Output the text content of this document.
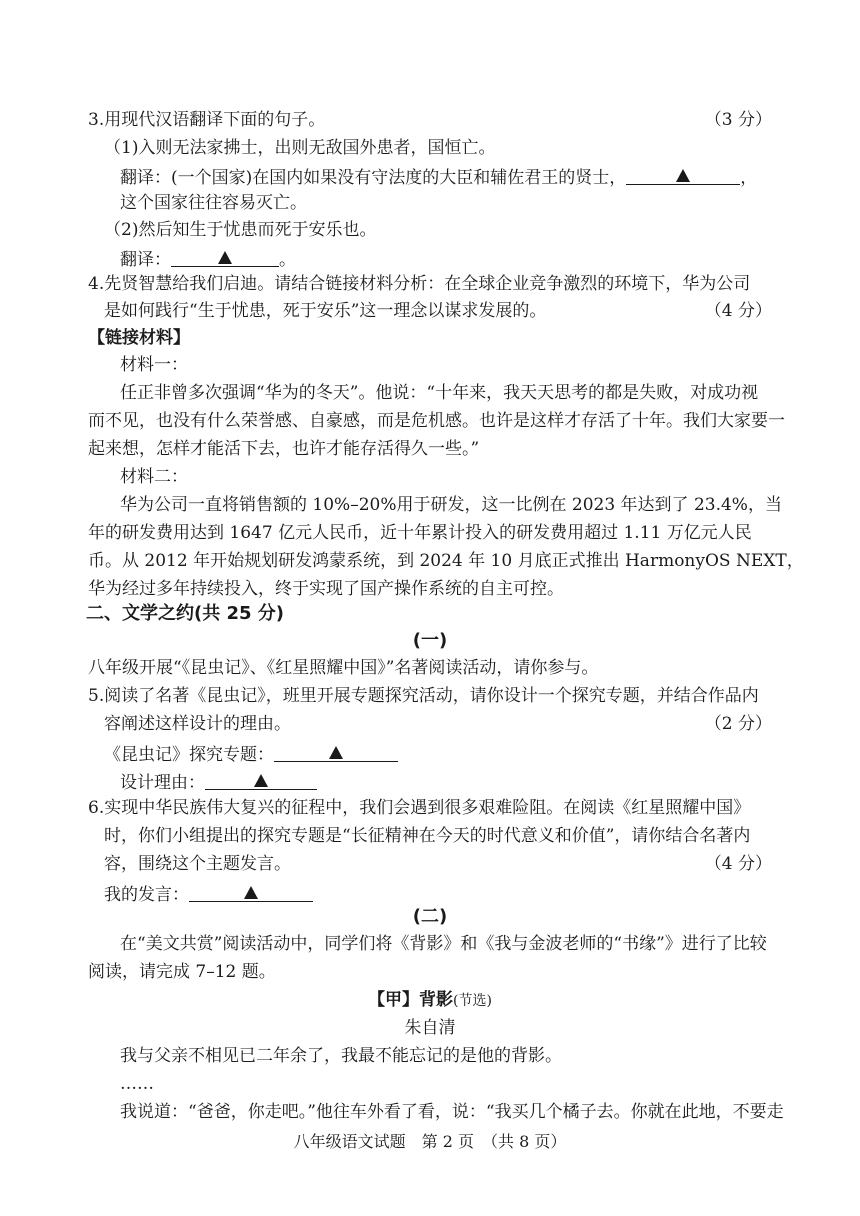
3.用现代汉语翻译下面的句子。	（3 分）
（1)入则无法家拂士，出则无敌国外患者，国恒亡。
翻译：(一个国家)在国内如果没有守法度的大臣和辅佐君王的贤士，	，
这个国家往往容易灭亡。
（2)然后知生于忧患而死于安乐也。
翻译：	。
4.先贤智慧给我们启迪。请结合链接材料分析：在全球企业竞争激烈的环境下，华为公司
是如何践行“生于忧患，死于安乐”这一理念以谋求发展的。	（4 分）
【链接材料】
材料一：
任正非曾多次强调“华为的冬天”。他说：“十年来，我天天思考的都是失败，对成功视
而不见，也没有什么荣誉感、自豪感，而是危机感。也许是这样才存活了十年。我们大家要一
起来想，怎样才能活下去，也许才能存活得久一些。”
材料二：
华为公司一直将销售额的 10%–20%用于研发，这一比例在 2023 年达到了 23.4%，当
年的研发费用达到 1647 亿元人民币，近十年累计投入的研发费用超过 1.11 万亿元人民
币。从 2012 年开始规划研发鸿蒙系统，到 2024 年 10 月底正式推出 HarmonyOS NEXT，
华为经过多年持续投入，终于实现了国产操作系统的自主可控。
二、文学之约(共 25 分)
(一)
八年级开展“《昆虫记》、《红星照耀中国》”名著阅读活动，请你参与。
5.阅读了名著《昆虫记》，班里开展专题探究活动，请你设计一个探究专题，并结合作品内
容阐述这样设计的理由。	（2 分）
《昆虫记》探究专题：
设计理由：
6.实现中华民族伟大复兴的征程中，我们会遇到很多艰难险阻。在阅读《红星照耀中国》
时，你们小组提出的探究专题是“长征精神在今天的时代意义和价值”，请你结合名著内
容，围绕这个主题发言。	（4 分）
我的发言：
(二)
在“美文共赏”阅读活动中，同学们将《背影》和《我与金波老师的“书缘”》进行了比较
阅读，请完成 7–12 题。
【甲】背影(节选)
朱自清
我与父亲不相见已二年余了，我最不能忘记的是他的背影。
……
我说道：“爸爸，你走吧。”他往车外看了看，说：“我买几个橘子去。你就在此地，不要走
八年级语文试题　第 2 页　（共 8 页）
